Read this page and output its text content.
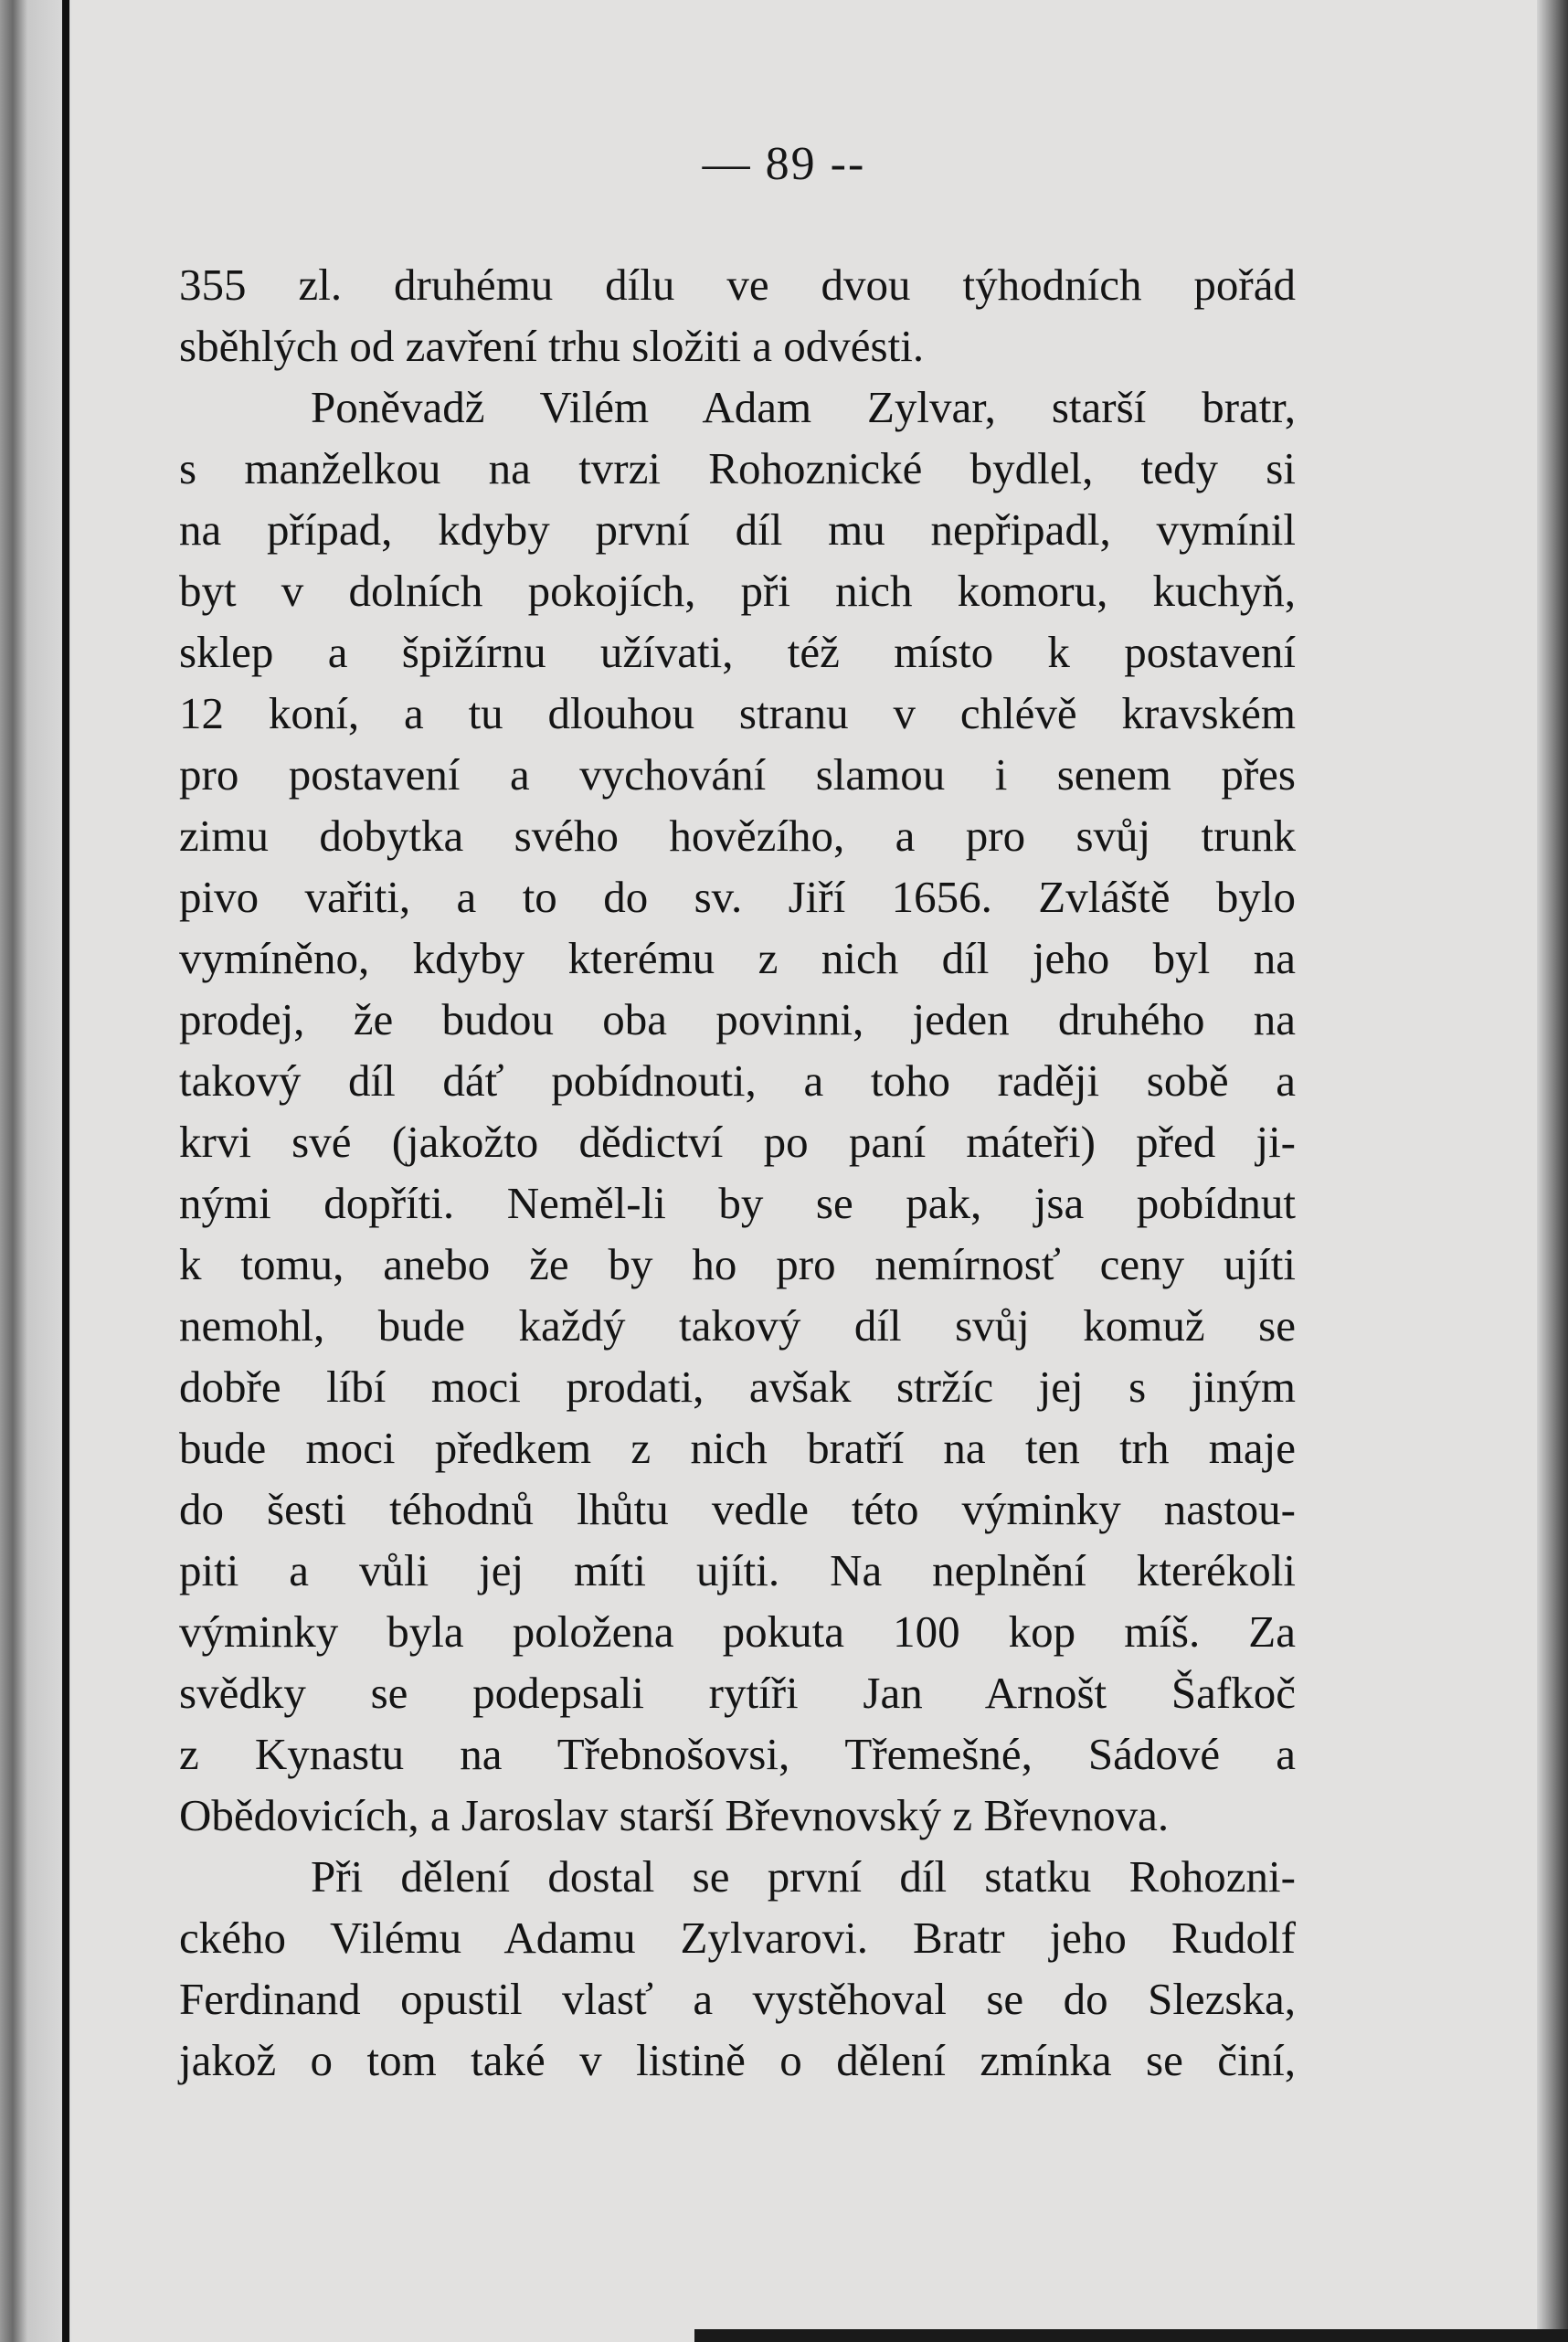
— 89 --
355 zl. druhému dílu ve dvou týhodních pořád
sběhlých od zavření trhu složiti a odvésti.
Poněvadž Vilém Adam Zylvar, starší bratr,
s manželkou na tvrzi Rohoznické bydlel, tedy si
na případ, kdyby první díl mu nepřipadl, vymínil
byt v dolních pokojích, při nich komoru, kuchyň,
sklep a špižírnu užívati, též místo k postavení
12 koní, a tu dlouhou stranu v chlévě kravském
pro postavení a vychování slamou i senem přes
zimu dobytka svého hovězího, a pro svůj trunk
pivo vařiti, a to do sv. Jiří 1656. Zvláště bylo
vymíněno, kdyby kterému z nich díl jeho byl na
prodej, že budou oba povinni, jeden druhého na
takový díl dáť pobídnouti, a toho raději sobě a
krvi své (jakožto dědictví po paní máteři) před ji-
nými dopříti. Neměl-li by se pak, jsa pobídnut
k tomu, anebo že by ho pro nemírnosť ceny ujíti
nemohl, bude každý takový díl svůj komuž se
dobře líbí moci prodati, avšak stržíc jej s jiným
bude moci předkem z nich bratří na ten trh maje
do šesti téhodnů lhůtu vedle této výminky nastou-
piti a vůli jej míti ujíti. Na neplnění kterékoli
výminky byla položena pokuta 100 kop míš. Za
svědky se podepsali rytíři Jan Arnošt Šafkoč
z Kynastu na Třebnošovsi, Třemešné, Sádové a
Obědovicích, a Jaroslav starší Břevnovský z Břevnova.
Při dělení dostal se první díl statku Rohozni-
ckého Vilému Adamu Zylvarovi. Bratr jeho Rudolf
Ferdinand opustil vlasť a vystěhoval se do Slezska,
jakož o tom také v listině o dělení zmínka se činí,
